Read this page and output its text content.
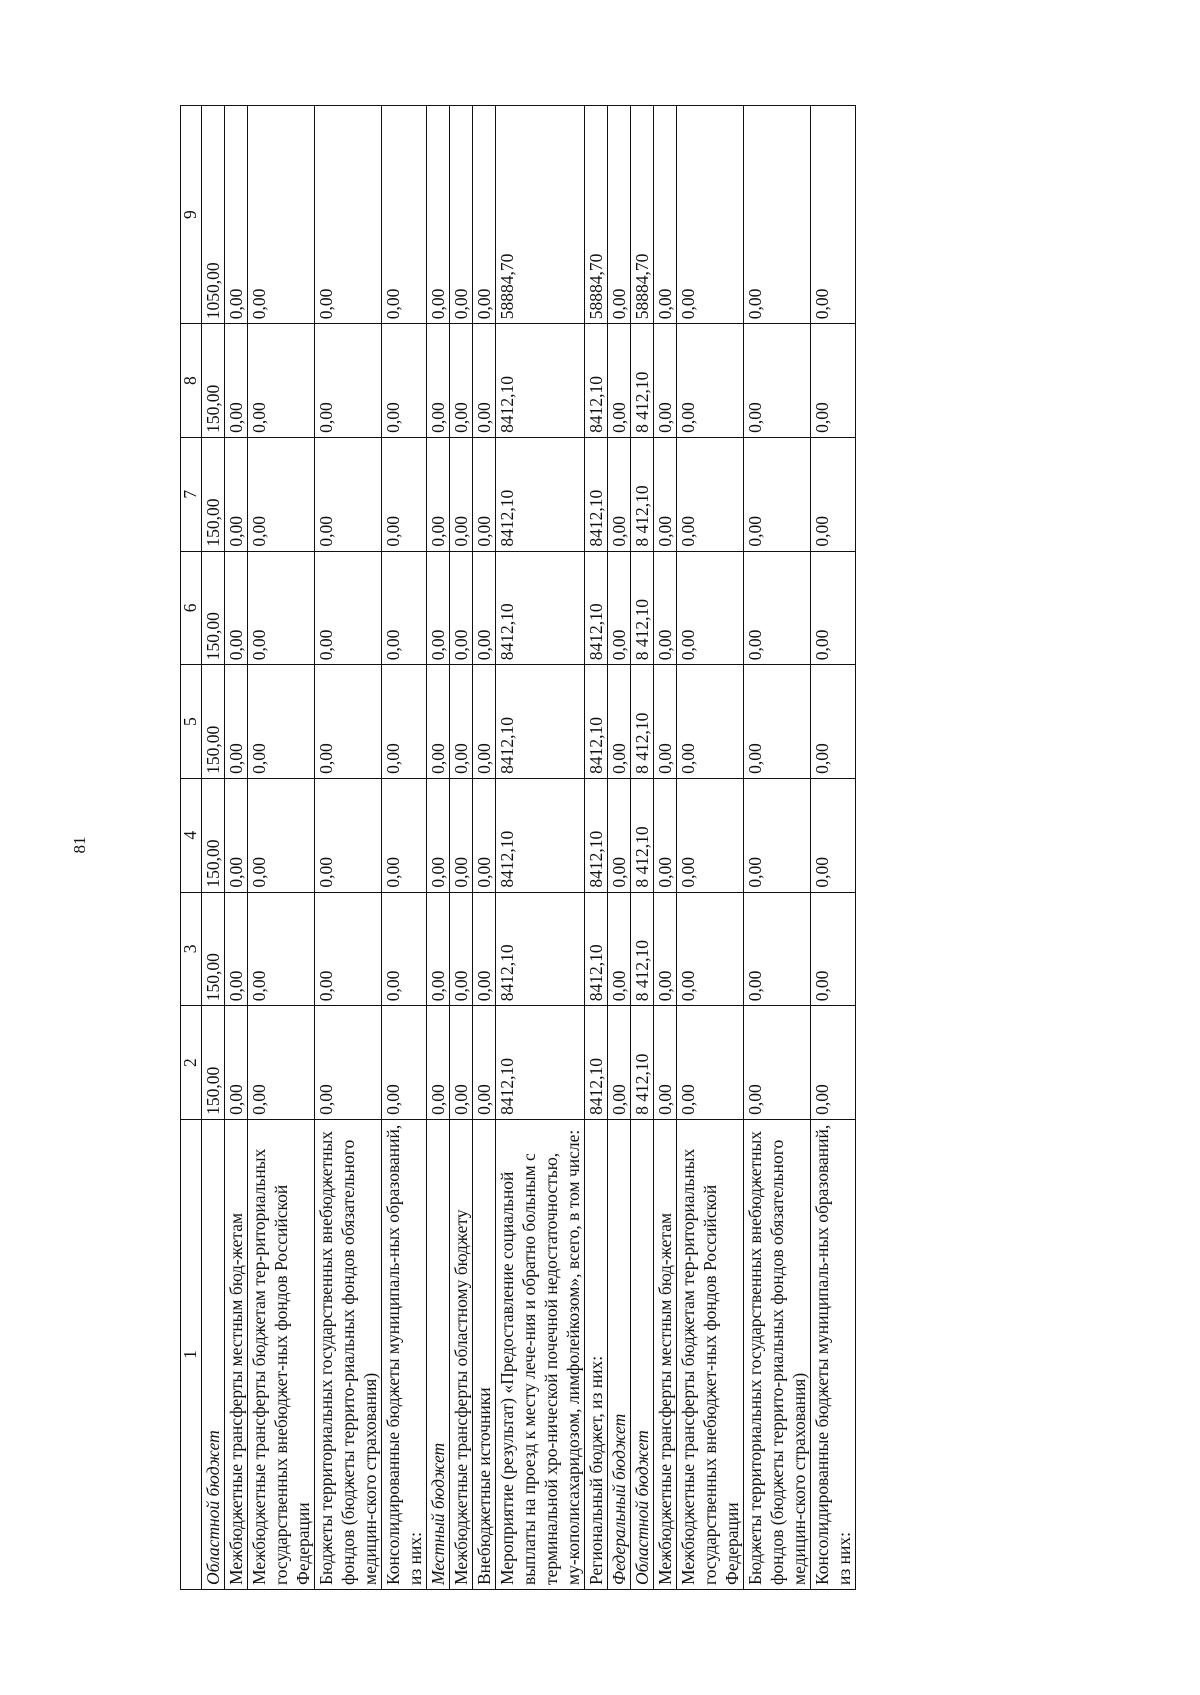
81
1	2	3	4	5	6	7	8	9
Областной бюджет	150,00	150,00	150,00	150,00	150,00	150,00	150,00	1050,00
Межбюджетные трансферты местным бюд-жетам	0,00	0,00	0,00	0,00	0,00	0,00	0,00	0,00
Межбюджетные трансферты бюджетам тер-риториальных государственных внебюджет-ных фондов Российской Федерации	0,00	0,00	0,00	0,00	0,00	0,00	0,00	0,00
Бюджеты территориальных государственных внебюджетных фондов (бюджеты террито-риальных фондов обязательного медицин-ского страхования)	0,00	0,00	0,00	0,00	0,00	0,00	0,00	0,00
Консолидированные бюджеты муниципаль-ных образований, из них:	0,00	0,00	0,00	0,00	0,00	0,00	0,00	0,00
Местный бюджет	0,00	0,00	0,00	0,00	0,00	0,00	0,00	0,00
Межбюджетные трансферты областному бюджету	0,00	0,00	0,00	0,00	0,00	0,00	0,00	0,00
Внебюджетные источники	0,00	0,00	0,00	0,00	0,00	0,00	0,00	0,00
Мероприятие (результат) «Предоставление социальной выплаты на проезд к месту лече-ния и обратно больным с терминальной хро-нической почечной недостаточностью, му-кополисахаридозом, лимфолейкозом», всего, в том числе:	8412,10	8412,10	8412,10	8412,10	8412,10	8412,10	8412,10	58884,70
Региональный бюджет, из них:	8412,10	8412,10	8412,10	8412,10	8412,10	8412,10	8412,10	58884,70
Федеральный бюджет	0,00	0,00	0,00	0,00	0,00	0,00	0,00	0,00
Областной бюджет	8 412,10	8 412,10	8 412,10	8 412,10	8 412,10	8 412,10	8 412,10	58884,70
Межбюджетные трансферты местным бюд-жетам	0,00	0,00	0,00	0,00	0,00	0,00	0,00	0,00
Межбюджетные трансферты бюджетам тер-риториальных государственных внебюджет-ных фондов Российской Федерации	0,00	0,00	0,00	0,00	0,00	0,00	0,00	0,00
Бюджеты территориальных государственных внебюджетных фондов (бюджеты террито-риальных фондов обязательного медицин-ского страхования)	0,00	0,00	0,00	0,00	0,00	0,00	0,00	0,00
Консолидированные бюджеты муниципаль-ных образований, из них:	0,00	0,00	0,00	0,00	0,00	0,00	0,00	0,00
